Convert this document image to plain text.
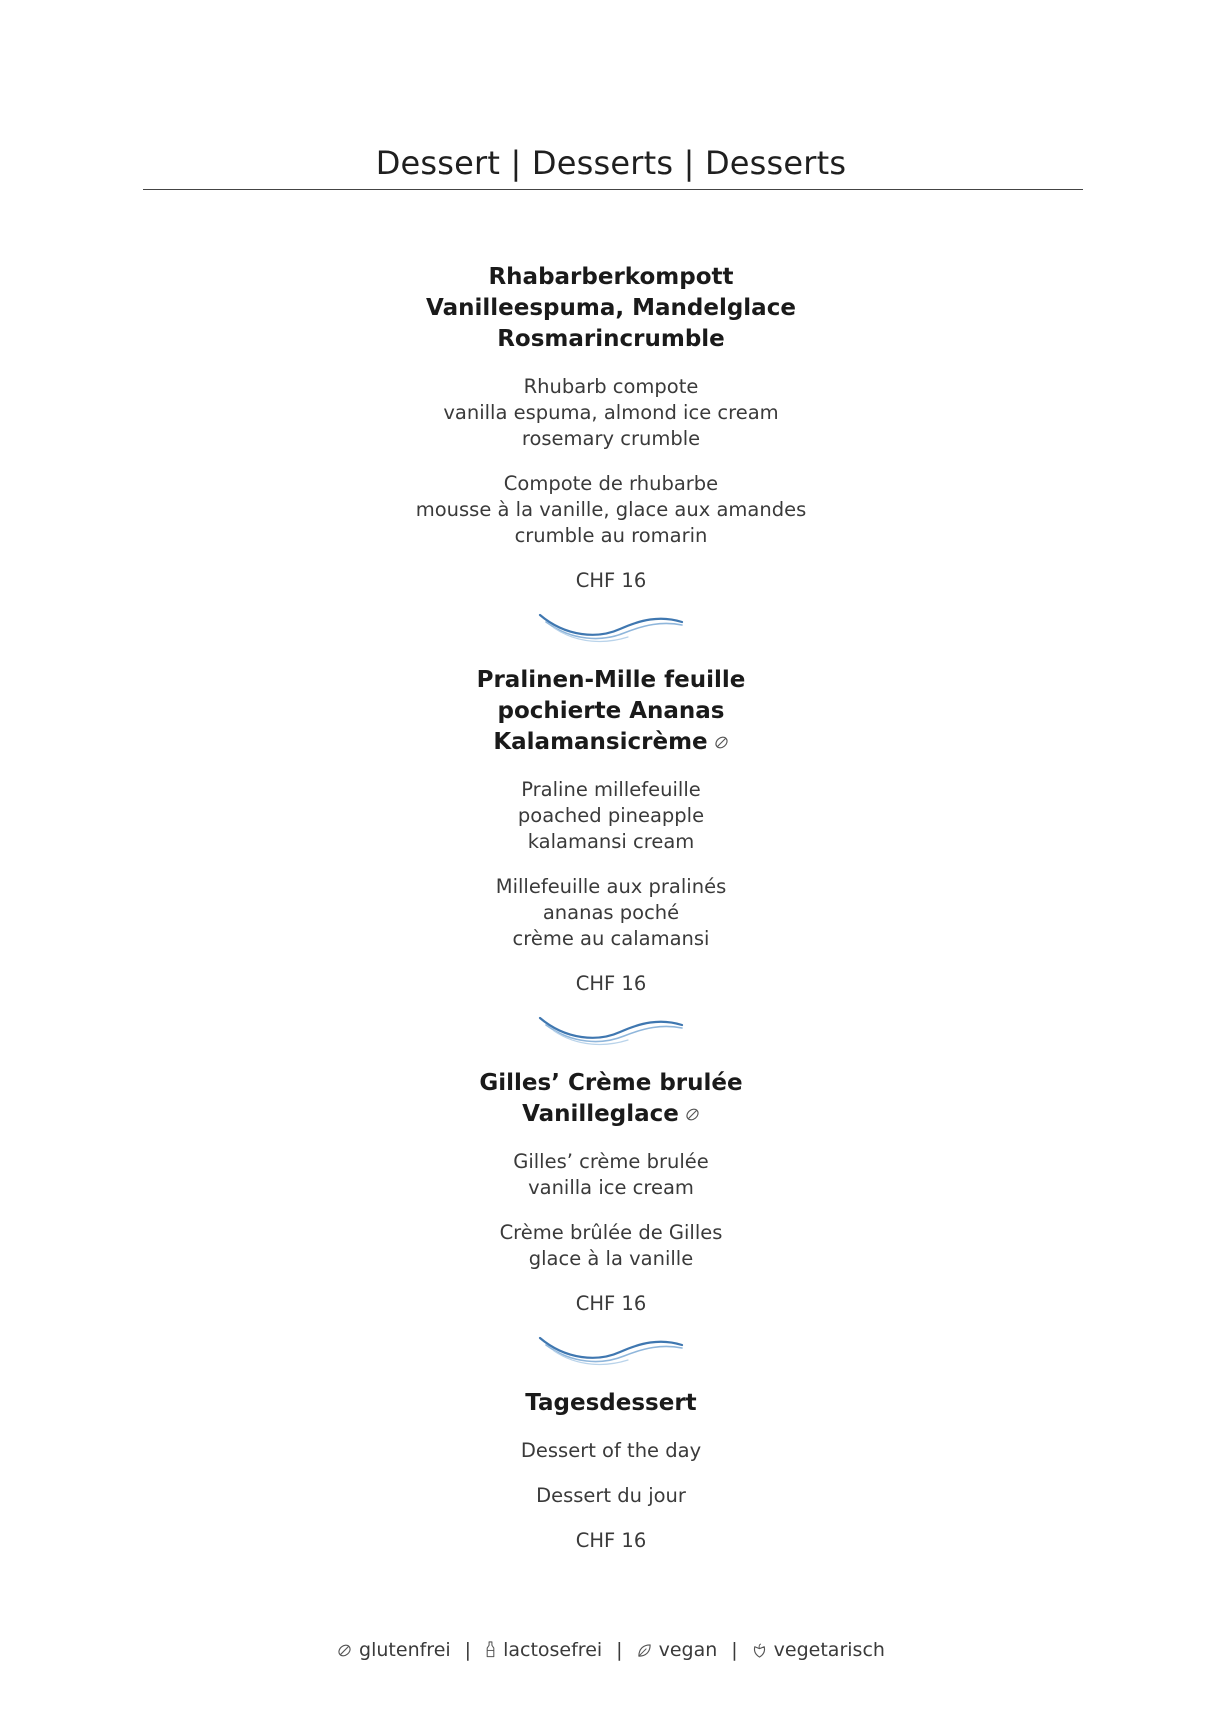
Dessert | Desserts | Desserts
Rhabarberkompott
Vanilleespuma, Mandelglace
Rosmarincrumble
Rhubarb compote
vanilla espuma, almond ice cream
rosemary crumble
Compote de rhubarbe
mousse à la vanille, glace aux amandes
crumble au romarin
CHF 16
Pralinen-Mille feuille
pochierte Ananas
Kalamansicrème
Praline millefeuille
poached pineapple
kalamansi cream
Millefeuille aux pralinés
ananas poché
crème au calamansi
CHF 16
Gilles’ Crème brulée
Vanilleglace
Gilles’ crème brulée
vanilla ice cream
Crème brûlée de Gilles
glace à la vanille
CHF 16
Tagesdessert
Dessert of the day
Dessert du jour
CHF 16
glutenfrei | lactosefrei | vegan | vegetarisch
